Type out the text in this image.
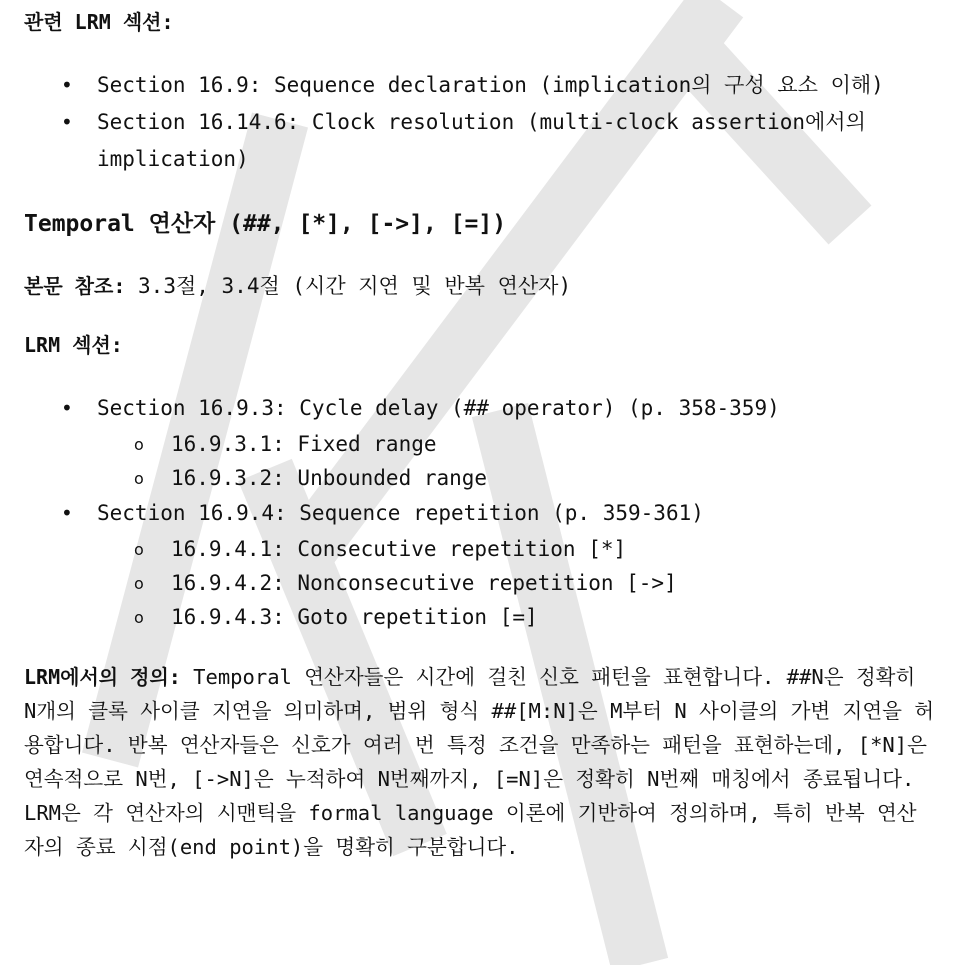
관련 LRM 섹션:
• Section 16.9: Sequence declaration (implication의 구성 요소 이해)
• Section 16.14.6: Clock resolution (multi-clock assertion에서의 implication)
Temporal 연산자 (##, [*], [->], [=])
본문 참조: 3.3절, 3.4절 (시간 지연 및 반복 연산자)
LRM 섹션:
• Section 16.9.3: Cycle delay (## operator) (p. 358-359)
o 16.9.3.1: Fixed range
o 16.9.3.2: Unbounded range
• Section 16.9.4: Sequence repetition (p. 359-361)
o 16.9.4.1: Consecutive repetition [*]
o 16.9.4.2: Nonconsecutive repetition [->]
o 16.9.4.3: Goto repetition [=]
LRM에서의 정의: Temporal 연산자들은 시간에 걸친 신호 패턴을 표현합니다. ##N은 정확히 N개의 클록 사이클 지연을 의미하며, 범위 형식 ##[M:N]은 M부터 N 사이클의 가변 지연을 허용합니다. 반복 연산자들은 신호가 여러 번 특정 조건을 만족하는 패턴을 표현하는데, [*N]은 연속적으로 N번, [->N]은 누적하여 N번째까지, [=N]은 정확히 N번째 매칭에서 종료됩니다. LRM은 각 연산자의 시맨틱을 formal language 이론에 기반하여 정의하며, 특히 반복 연산자의 종료 시점(end point)을 명확히 구분합니다.
